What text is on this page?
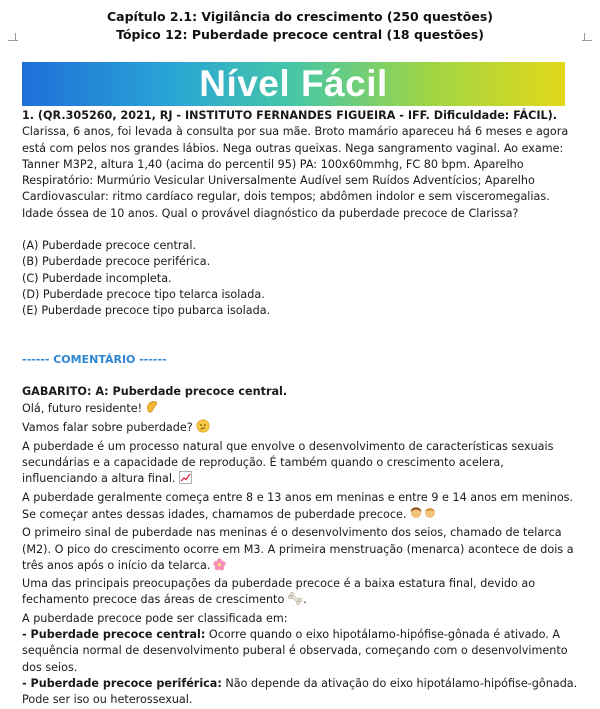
Capítulo 2.1: Vigilância do crescimento (250 questões)
Tópico 12: Puberdade precoce central (18 questões)
Nível Fácil

1. (QR.305260, 2021, RJ - INSTITUTO FERNANDES FIGUEIRA - IFF. Dificuldade: FÁCIL). Clarissa, 6 anos, foi levada à consulta por sua mãe. Broto mamário apareceu há 6 meses e agora está com pelos nos grandes lábios. Nega outras queixas. Nega sangramento vaginal. Ao exame: Tanner M3P2, altura 1,40 (acima do percentil 95) PA: 100x60mmhg, FC 80 bpm. Aparelho Respiratório: Murmúrio Vesicular Universalmente Audível sem Ruídos Adventícios; Aparelho Cardiovascular: ritmo cardíaco regular, dois tempos; abdômen indolor e sem visceromegalias. Idade óssea de 10 anos. Qual o provável diagnóstico da puberdade precoce de Clarissa?

(A) Puberdade precoce central.

(B) Puberdade precoce periférica.

(C) Puberdade incompleta.

(D) Puberdade precoce tipo telarca isolada.

(E) Puberdade precoce tipo pubarca isolada.

------ COMENTÁRIO ------

GABARITO: A: Puberdade precoce central.

Olá, futuro residente!

Vamos falar sobre puberdade?

A puberdade é um processo natural que envolve o desenvolvimento de características sexuais secundárias e a capacidade de reprodução. É também quando o crescimento acelera, influenciando a altura final.

A puberdade geralmente começa entre 8 e 13 anos em meninas e entre 9 e 14 anos em meninos. Se começar antes dessas idades, chamamos de puberdade precoce.

O primeiro sinal de puberdade nas meninas é o desenvolvimento dos seios, chamado de telarca (M2). O pico do crescimento ocorre em M3. A primeira menstruação (menarca) acontece de dois a três anos após o início da telarca.

Uma das principais preocupações da puberdade precoce é a baixa estatura final, devido ao fechamento precoce das áreas de crescimento .

A puberdade precoce pode ser classificada em:

- Puberdade precoce central: Ocorre quando o eixo hipotálamo-hipófise-gônada é ativado. A sequência normal de desenvolvimento puberal é observada, começando com o desenvolvimento dos seios.

- Puberdade precoce periférica: Não depende da ativação do eixo hipotálamo-hipófise-gônada. Pode ser iso ou heterossexual.
